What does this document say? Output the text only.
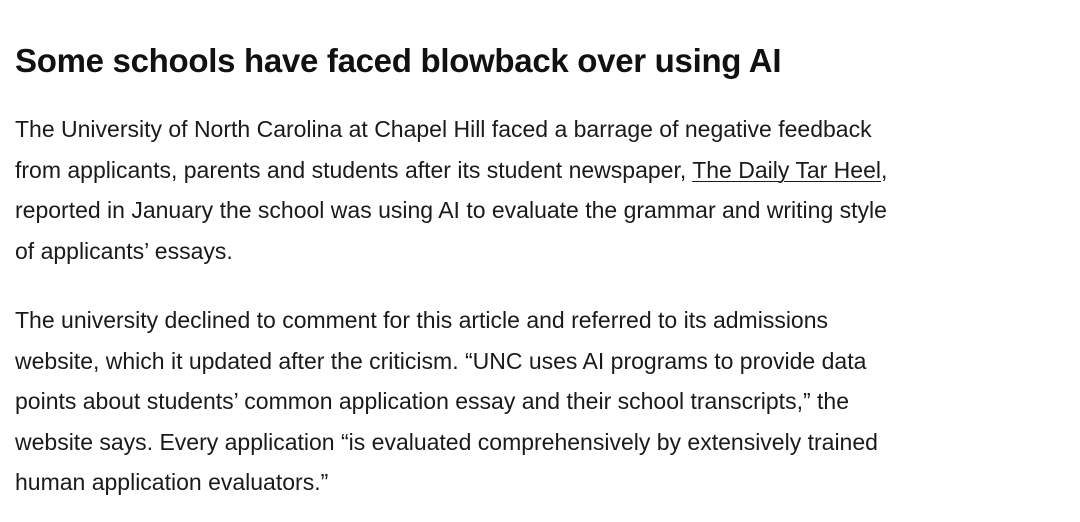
Some schools have faced blowback over using AI

The University of North Carolina at Chapel Hill faced a barrage of negative feedback
from applicants, parents and students after its student newspaper, The Daily Tar Heel,
reported in January the school was using AI to evaluate the grammar and writing style
of applicants’ essays.

The university declined to comment for this article and referred to its admissions
website, which it updated after the criticism. “UNC uses AI programs to provide data
points about students’ common application essay and their school transcripts,” the
website says. Every application “is evaluated comprehensively by extensively trained
human application evaluators.”
